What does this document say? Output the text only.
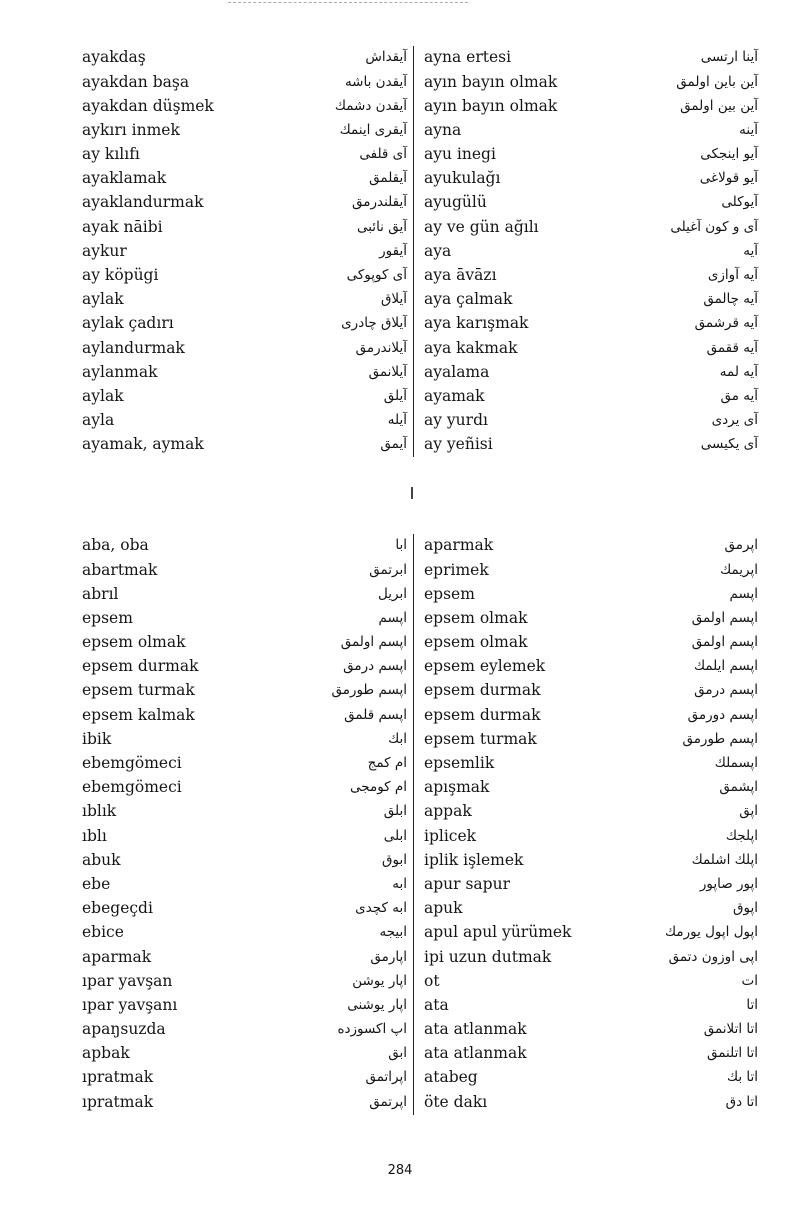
ayakdaş	آیقداش ayna ertesi	آینا ارتسی
ayakdan başa	آیقدن باشه ayın bayın olmak	آین باین اولمق
ayakdan düşmek	آیقدن دشمك ayın bayın olmak	آین بین اولمق
aykırı inmek	آیقری اینمك ayna	آینه
ay kılıfı	آی قلفی ayu inegi	آیو اینجکی
ayaklamak	آیقلمق ayukulağı	آیو قولاغی
ayaklandurmak	آیقلندرمق ayugülü	آیوکلی
ayak nāibi	آیق نائبی ay ve gün ağılı	آی و کون آغیلی
aykur	آیقور aya	آیه
ay köpügi	آی کوپوکی aya āvāzı	آیه آوازی
aylak	آیلاق aya çalmak	آیه چالمق
aylak çadırı	آیلاق چادری aya karışmak	آیه قرشمق
aylandurmak	آیلاندرمق aya kakmak	آیه ققمق
aylanmak	آیلانمق ayalama	آیه لمه
aylak	آیلق ayamak	آیه مق
ayla	آیله ay yurdı	آی یردی
ayamak, aymak	آیمق ay yeñisi	آی یکیسی
aba, oba	ابا aparmak	اپرمق
abartmak	ابرتمق eprimek	اپریمك
abrıl	ابریل epsem	اپسم
epsem	اپسم epsem olmak	اپسم اولمق
epsem olmak	اپسم اولمق epsem olmak	اپسم اولمق
epsem durmak	اپسم درمق epsem eylemek	اپسم ایلمك
epsem turmak	اپسم طورمق epsem durmak	اپسم درمق
epsem kalmak	اپسم قلمق epsem durmak	اپسم دورمق
ibik	ابك epsem turmak	اپسم طورمق
ebemgömeci	ام کمج epsemlik	اپسملك
ebemgömeci	ام کومجی apışmak	اپشمق
ıblık	ابلق appak	اپق
ıblı	ابلی iplicek	اپلجك
abuk	ابوق iplik işlemek	اپلك اشلمك
ebe	ابه apur sapur	اپور صاپور
ebegeçdi	ابه کچدی apuk	اپوق
ebice	ابیجه apul apul yürümek	اپول اپول یورمك
aparmak	اپارمق ipi uzun dutmak	اپی اوزون دتمق
ıpar yavşan	اپار یوشن ot	ات
ıpar yavşanı	اپار یوشنی ata	اتا
apaŋsuzda	اپ اکسوزده ata atlanmak	اتا اتلانمق
apbak	ابق ata atlanmak	اتا اتلنمق
ıpratmak	اپراتمق atabeg	اتا بك
ıpratmak	اپرتمق öte dakı	اتا دق
284
